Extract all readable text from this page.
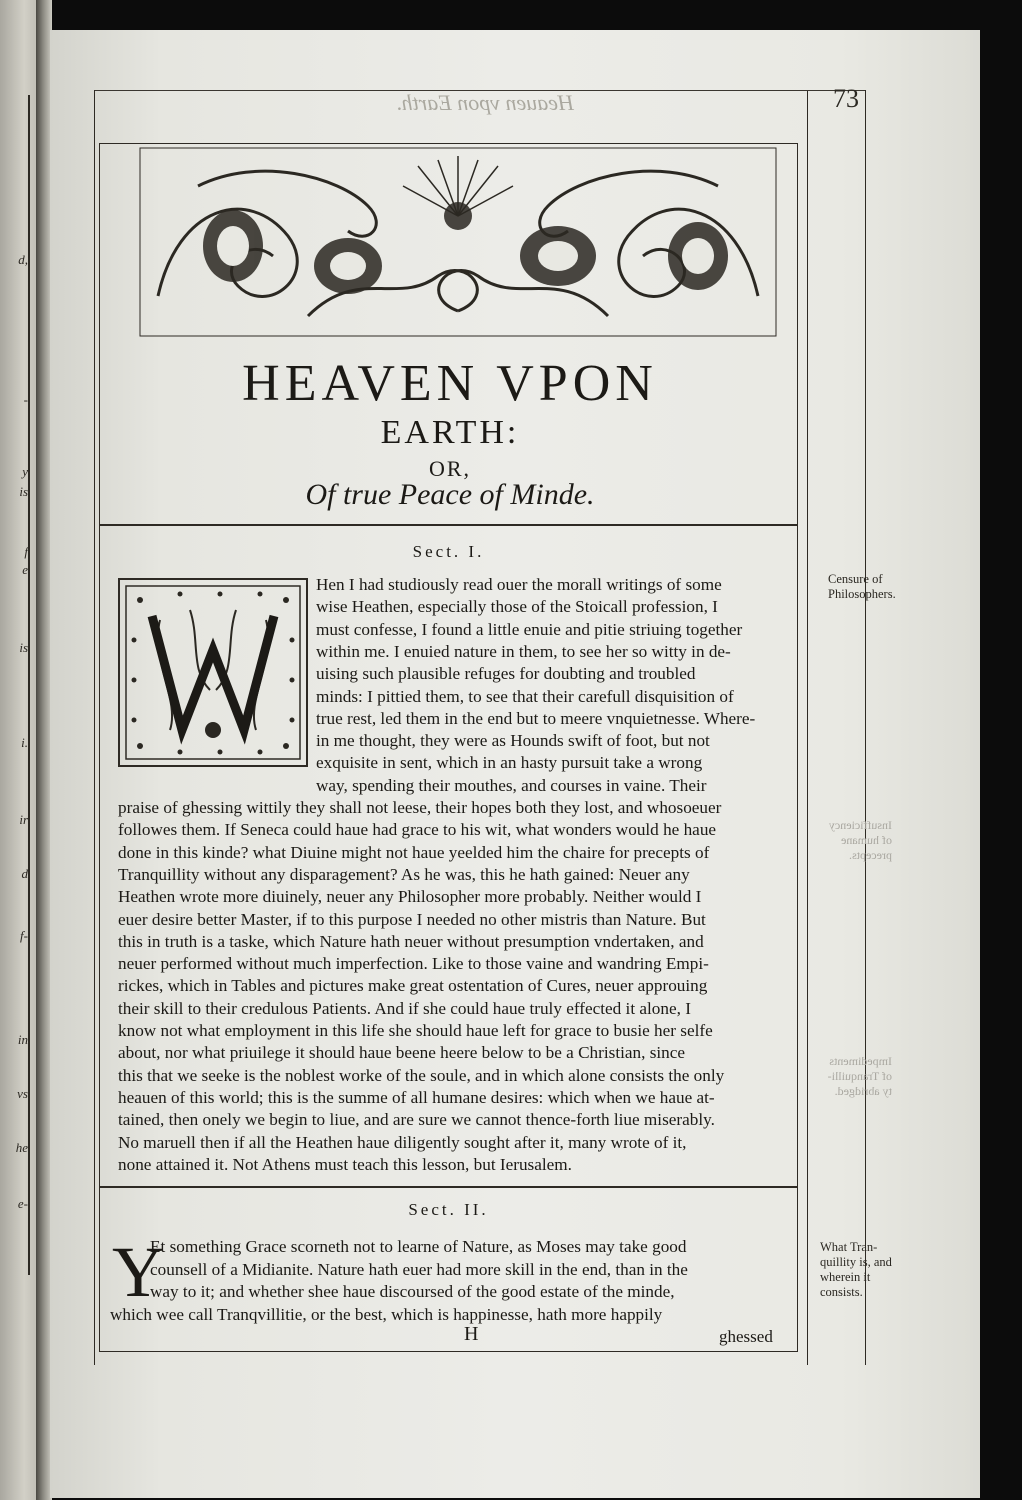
d,
-
y
is
f
e
is
i.
ir
d
f-
in
vs
he
e-
Heauen vpon Earth.	73
HEAVEN VPON
EARTH:
OR,
Of true Peace of Minde.
Sect. I.
Hen I had studiously read ouer the morall writings of some
wise Heathen, especially those of the Stoicall profession, I
must confesse, I found a little enuie and pitie striuing together
within me. I enuied nature in them, to see her so witty in de-
uising such plausible refuges for doubting and troubled
minds: I pittied them, to see that their carefull disquisition of
true rest, led them in the end but to meere vnquietnesse. Where-
in me thought, they were as Hounds swift of foot, but not
exquisite in sent, which in an hasty pursuit take a wrong
way, spending their mouthes, and courses in vaine. Their
praise of ghessing wittily they shall not leese, their hopes both they lost, and whosoeuer
followes them. If Seneca could haue had grace to his wit, what wonders would he haue
done in this kinde? what Diuine might not haue yeelded him the chaire for precepts of
Tranquillity without any disparagement? As he was, this he hath gained: Neuer any
Heathen wrote more diuinely, neuer any Philosopher more probably. Neither would I
euer desire better Master, if to this purpose I needed no other mistris than Nature. But
this in truth is a taske, which Nature hath neuer without presumption vndertaken, and
neuer performed without much imperfection. Like to those vaine and wandring Empi-
rickes, which in Tables and pictures make great ostentation of Cures, neuer approuing
their skill to their credulous Patients. And if she could haue truly effected it alone, I
know not what employment in this life she should haue left for grace to busie her selfe
about, nor what priuilege it should haue beene heere below to be a Christian, since
this that we seeke is the noblest worke of the soule, and in which alone consists the only
heauen of this world; this is the summe of all humane desires: which when we haue at-
tained, then onely we begin to liue, and are sure we cannot thence-forth liue miserably.
No maruell then if all the Heathen haue diligently sought after it, many wrote of it,
none attained it. Not Athens must teach this lesson, but Ierusalem.
Sect. II.
Y
Et something Grace scorneth not to learne of Nature, as Moses may take good
counsell of a Midianite. Nature hath euer had more skill in the end, than in the
way to it; and whether shee haue discoursed of the good estate of the minde,
which wee call Tranqvillitie, or the best, which is happinesse, hath more happily
Censure of
Philosophers.
What Tran-
quillity is, and
wherein it
consists.
Insufficiency
of humane
precepts.
Impediments
of Tranquilli-
ty abridged.
H	ghessed
